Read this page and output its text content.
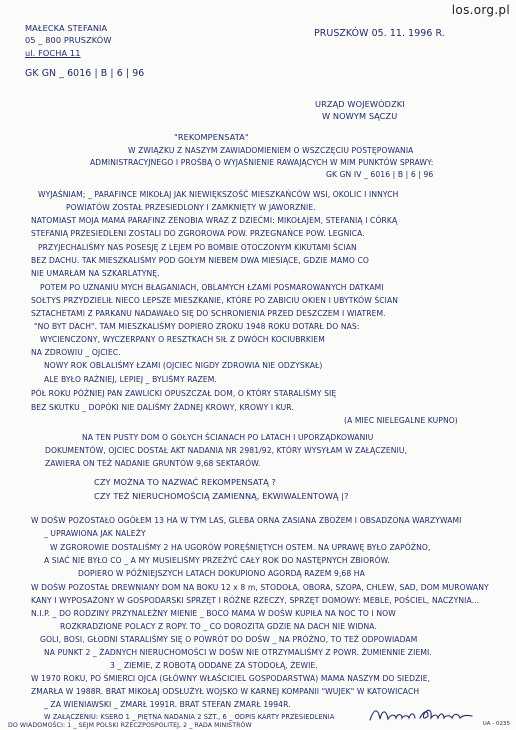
los.org.pl
MAŁECKA STEFANIA
05 _ 800 PRUSZKÓW
ul. FOCHA 11
PRUSZKÓW 05. 11. 1996 R.
GK GN _ 6016 | B | 6 | 96
URZĄD WOJEWÓDZKI
W NOWYM SĄCZU
"REKOMPENSATA"
W ZWIĄZKU Z NASZYM ZAWIADOMIENIEM O WSZCZĘCIU POSTĘPOWANIA
ADMINISTRACYJNEGO I PROŚBĄ O WYJAŚNIENIE RAWAJĄCYCH W MIM PUNKTÓW SPRAWY:
GK GN IV _ 6016 | B | 6 | 96
WYJAŚNIAM; _ PARAFINCE MIKOŁAJ JAK NIEWIĘKSZOŚĆ MIESZKAŃCÓW WSI, OKOLIC I INNYCH
POWIATÓW ZOSTAŁ PRZESIEDLONY I ZAMKNIĘTY W JAWORZNIE.
NATOMIAST MOJA MAMA PARAFINZ ZENOBIA WRAZ Z DZIEĆMI: MIKOŁAJEM, STEFANIĄ I CÓRKĄ
STEFANIĄ PRZESIEDLENI ZOSTALI DO ZGROROWA POW. PRZEGNAŃCE POW. LEGNICA.
PRZYJECHALIŚMY NAS POSESJĘ Z LEJEM PO BOMBIE OTOCZONYM KIKUTAMI ŚCIAN
BEZ DACHU. TAK MIESZKALIŚMY POD GOŁYM NIEBEM DWA MIESIĄCE, GDZIE MAMO CO
NIE UMARŁAM NA SZKARLATYNĘ.
POTEM PO UZNANIU MYCH BŁAGANIACH, OBLAMYCH ŁZAMI POSMAROWANYCH DATKAMI
SOŁTYS PRZYDZIELIŁ NIECO LEPSZE MIESZKANIE, KTÓRE PO ZABICIU OKIEN I UBYTKÓW ŚCIAN
SZTACHETAMI Z PARKANU NADAWAŁO SIĘ DO SCHRONIENIA PRZED DESZCZEM I WIATREM.
"NO BYT DACH". TAM MIESZKALIŚMY DOPIERO ZROKU 1948 ROKU DOTARŁ DO NAS:
WYCIENCZONY, WYCZERPANY O RESZTKACH SIŁ Z DWÓCH KOCIUBRKIEM
NA ZDROWIU _ OJCIEC.
NOWY ROK OBLALIŚMY ŁZAMI (OJCIEC NIGDY ZDROWIA NIE ODZYSKAŁ)
ALE BYŁO RAŹNIEJ, LEPIEJ _ BYLIŚMY RAZEM.
PÓŁ ROKU PÓŹNIEJ PAN ZAWLICKI OPUSZCZAŁ DOM, O KTÓRY STARALIŚMY SIĘ
BEZ SKUTKU _ DOPÓKI NIE DALIŚMY ŻADNEJ KROWY, KROWY I KUR.
(A MIEC NIELEGALNE KUPNO)
NA TEN PUSTY DOM O GOŁYCH ŚCIANACH PO LATACH I UPORZĄDKOWANIU
DOKUMENTÓW, OJCIEC DOSTAŁ AKT NADANIA NR 2981/92, KTÓRY WYSYŁAM W ZAŁĄCZENIU,
ZAWIERA ON TEŻ NADANIE GRUNTÓW 9,68 SEKTARÓW.
CZY MOŻNA TO NAZWAĆ REKOMPENSATĄ ?
CZY TEŻ NIERUCHOMOŚCIĄ ZAMIENNĄ, EKWIWALENTOWĄ |?
W DOŚW POZOSTAŁO OGÓŁEM 13 HA W TYM LAS, GLEBA ORNA ZASIANA ZBOŻEM I OBSADZONA WARZYWAMI
_ UPRAWIONA JAK NALEŻY
W ZGROROWIE DOSTALIŚMY 2 HA UGORÓW PORĘŚNIĘTYCH OSTEM. NA UPRAWĘ BYŁO ZAPÓŹNO,
A SIAĆ NIE BYŁO CO _ A MY MUSIELIŚMY PRZEŻYĆ CAŁY ROK DO NASTĘPNYCH ZBIORÓW.
DOPIERO W PÓŹNIEJSZYCH LATACH DOKUPIONO AGORDĄ RAZEM 9,68 HA
W DOŚW POZOSTAŁ DREWNIANY DOM NA BOKU 12 x 8 m, STODOŁA, OBORA, SZOPA, CHLEW, SAD, DOM MUROWANY
KANY I WYPOSAŻONY W GOSPODARSKI SPRZĘT I RÓŻNE RZECZY, SPRZĘT DOMOWY: MEBLE, POŚCIEL, NACZYNIA...
N.I.P. _ DO RODZINY PRZYNALEŻNY MIENIE _ BOCO MAMA W DOŚW KUPIŁA NA NOC TO I NOW
ROZKRADZIONE POLACY Z ROPY. TO _ CO DOROZITA GDZIE NA DACH NIE WIDNA.
GOLI, BOSI, GŁODNI STARALIŚMY SIĘ O POWRÓT DO DOŚW _ NA PRÓŻNO, TO TEŻ ODPOWIADAM
NA PUNKT 2 _ ŻADNYCH NIERUCHOMOŚCI W DOŚW NIE OTRZYMALIŚMY Z POWR. ŻUMIENNIE ZIEMI.
3 _ ZIEMIE, Z ROBOTĄ ODDANE ZA STODOŁĄ, ŻEWIE.
W 1970 ROKU, PO ŚMIERCI OJCA (GŁÓWNY WŁAŚCICIEL GOSPODARSTWA) MAMA NASZYM DO SIEDZIE,
ZMARŁA W 1988R. BRAT MIKOŁAJ ODSŁUŻYŁ WOJSKO W KARNEJ KOMPANII "WUJEK" W KATOWICACH
_ ZA WIENIAWSKI _ ZMARŁ 1991R. BRAT STEFAN ZMARŁ 1994R.
W ZAŁĄCZENIU: KSERO 1 _ PIĘTNA NADANIA 2 SZT., 6 _ ODPIS KARTY PRZESIEDLENIA
DO WIADOMOŚCI: 1 _ SEJM POLSKI RZECZPOSPOLITEJ, 2 _ RADA MINISTRÓW	UA - 0235
